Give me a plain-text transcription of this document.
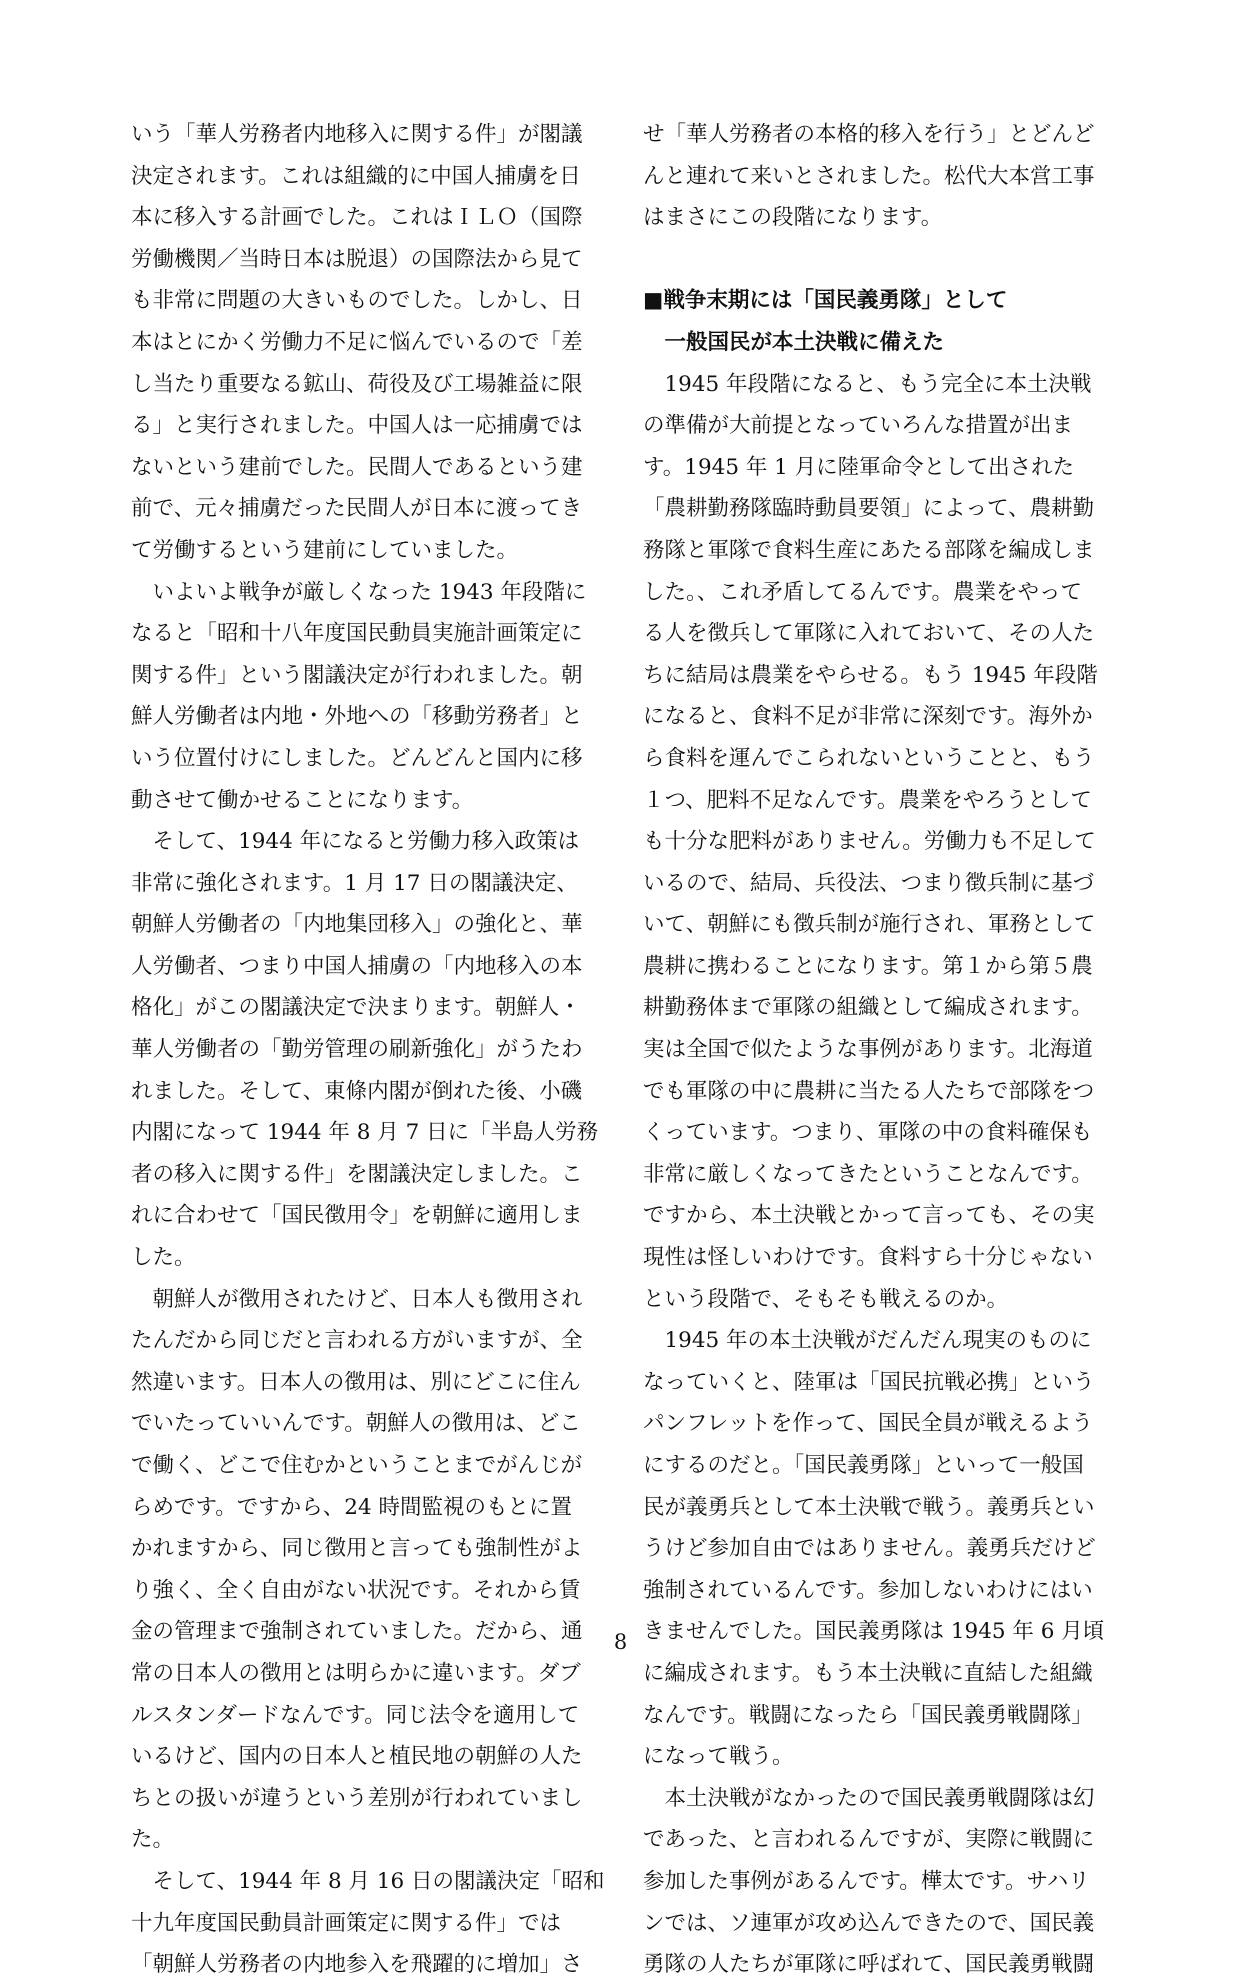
いう「華人労務者内地移入に関する件」が閣議
決定されます。これは組織的に中国人捕虜を日
本に移入する計画でした。これはＩＬＯ（国際
労働機関／当時日本は脱退）の国際法から見て
も非常に問題の大きいものでした。しかし、日
本はとにかく労働力不足に悩んでいるので「差
し当たり重要なる鉱山、荷役及び工場雑益に限
る」と実行されました。中国人は一応捕虜では
ないという建前でした。民間人であるという建
前で、元々捕虜だった民間人が日本に渡ってき
て労働するという建前にしていました。
　いよいよ戦争が厳しくなった 1943 年段階に
なると「昭和十八年度国民動員実施計画策定に
関する件」という閣議決定が行われました。朝
鮮人労働者は内地・外地への「移動労務者」と
いう位置付けにしました。どんどんと国内に移
動させて働かせることになります。
　そして、1944 年になると労働力移入政策は
非常に強化されます。1 月 17 日の閣議決定、
朝鮮人労働者の「内地集団移入」の強化と、華
人労働者、つまり中国人捕虜の「内地移入の本
格化」がこの閣議決定で決まります。朝鮮人・
華人労働者の「勤労管理の刷新強化」がうたわ
れました。そして、東條内閣が倒れた後、小磯
内閣になって 1944 年 8 月 7 日に「半島人労務
者の移入に関する件」を閣議決定しました。こ
れに合わせて「国民徴用令」を朝鮮に適用しま
した。
　朝鮮人が徴用されたけど、日本人も徴用され
たんだから同じだと言われる方がいますが、全
然違います。日本人の徴用は、別にどこに住ん
でいたっていいんです。朝鮮人の徴用は、どこ
で働く、どこで住むかということまでがんじが
らめです。ですから、24 時間監視のもとに置
かれますから、同じ徴用と言っても強制性がよ
り強く、全く自由がない状況です。それから賃
金の管理まで強制されていました。だから、通
常の日本人の徴用とは明らかに違います。ダブ
ルスタンダードなんです。同じ法令を適用して
いるけど、国内の日本人と植民地の朝鮮の人た
ちとの扱いが違うという差別が行われていまし
た。
　そして、1944 年 8 月 16 日の閣議決定「昭和
十九年度国民動員計画策定に関する件」では
「朝鮮人労務者の内地参入を飛躍的に増加」さ
せ「華人労務者の本格的移入を行う」とどんど
んと連れて来いとされました。松代大本営工事
はまさにこの段階になります。
■戦争末期には「国民義勇隊」として
　一般国民が本土決戦に備えた
　1945 年段階になると、もう完全に本土決戦
の準備が大前提となっていろんな措置が出ま
す。1945 年 1 月に陸軍命令として出された
「農耕勤務隊臨時動員要領」によって、農耕勤
務隊と軍隊で食料生産にあたる部隊を編成しま
した。、これ矛盾してるんです。農業をやって
る人を徴兵して軍隊に入れておいて、その人た
ちに結局は農業をやらせる。もう 1945 年段階
になると、食料不足が非常に深刻です。海外か
ら食料を運んでこられないということと、もう
１つ、肥料不足なんです。農業をやろうとして
も十分な肥料がありません。労働力も不足して
いるので、結局、兵役法、つまり徴兵制に基づ
いて、朝鮮にも徴兵制が施行され、軍務として
農耕に携わることになります。第１から第５農
耕勤務体まで軍隊の組織として編成されます。
実は全国で似たような事例があります。北海道
でも軍隊の中に農耕に当たる人たちで部隊をつ
くっています。つまり、軍隊の中の食料確保も
非常に厳しくなってきたということなんです。
ですから、本土決戦とかって言っても、その実
現性は怪しいわけです。食料すら十分じゃない
という段階で、そもそも戦えるのか。
　1945 年の本土決戦がだんだん現実のものに
なっていくと、陸軍は「国民抗戦必携」という
パンフレットを作って、国民全員が戦えるよう
にするのだと。「国民義勇隊」といって一般国
民が義勇兵として本土決戦で戦う。義勇兵とい
うけど参加自由ではありません。義勇兵だけど
強制されているんです。参加しないわけにはい
きませんでした。国民義勇隊は 1945 年 6 月頃
に編成されます。もう本土決戦に直結した組織
なんです。戦闘になったら「国民義勇戦闘隊」
になって戦う。
　本土決戦がなかったので国民義勇戦闘隊は幻
であった、と言われるんですが、実際に戦闘に
参加した事例があるんです。樺太です。サハリ
ンでは、ソ連軍が攻め込んできたので、国民義
勇隊の人たちが軍隊に呼ばれて、国民義勇戦闘
8
